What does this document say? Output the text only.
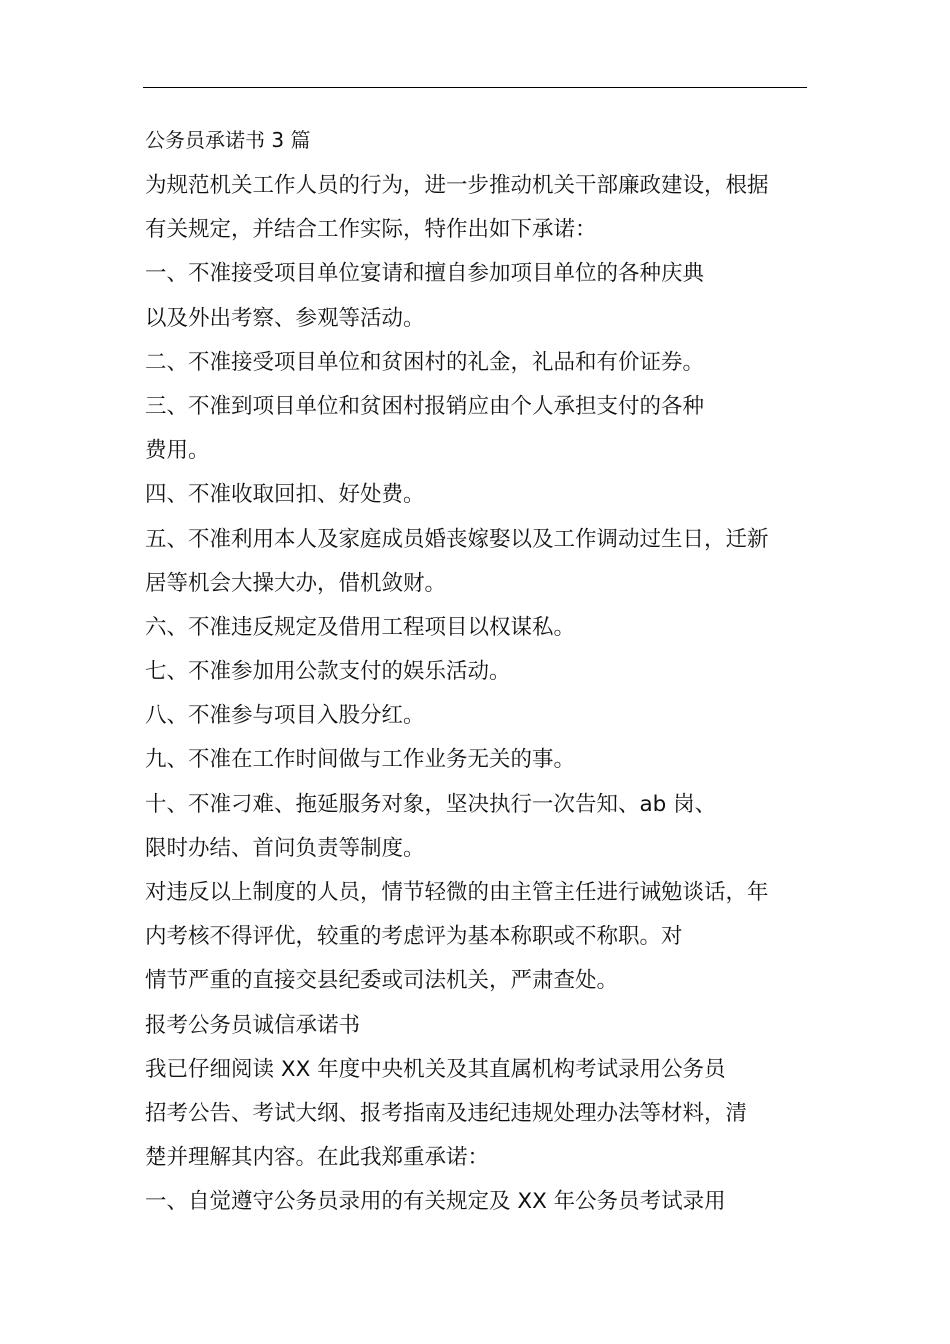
公务员承诺书 3 篇
为规范机关工作人员的行为，进一步推动机关干部廉政建设，根据
有关规定，并结合工作实际，特作出如下承诺：
一、不准接受项目单位宴请和擅自参加项目单位的各种庆典
以及外出考察、参观等活动。
二、不准接受项目单位和贫困村的礼金，礼品和有价证券。
三、不准到项目单位和贫困村报销应由个人承担支付的各种
费用。
四、不准收取回扣、好处费。
五、不准利用本人及家庭成员婚丧嫁娶以及工作调动过生日，迁新
居等机会大操大办，借机敛财。
六、不准违反规定及借用工程项目以权谋私。
七、不准参加用公款支付的娱乐活动。
八、不准参与项目入股分红。
九、不准在工作时间做与工作业务无关的事。
十、不准刁难、拖延服务对象，坚决执行一次告知、ab 岗、
限时办结、首问负责等制度。
对违反以上制度的人员，情节轻微的由主管主任进行诫勉谈话，年
内考核不得评优，较重的考虑评为基本称职或不称职。对
情节严重的直接交县纪委或司法机关，严肃查处。
报考公务员诚信承诺书
我已仔细阅读 XX 年度中央机关及其直属机构考试录用公务员
招考公告、考试大纲、报考指南及违纪违规处理办法等材料，清
楚并理解其内容。在此我郑重承诺：
一、自觉遵守公务员录用的有关规定及 XX 年公务员考试录用
